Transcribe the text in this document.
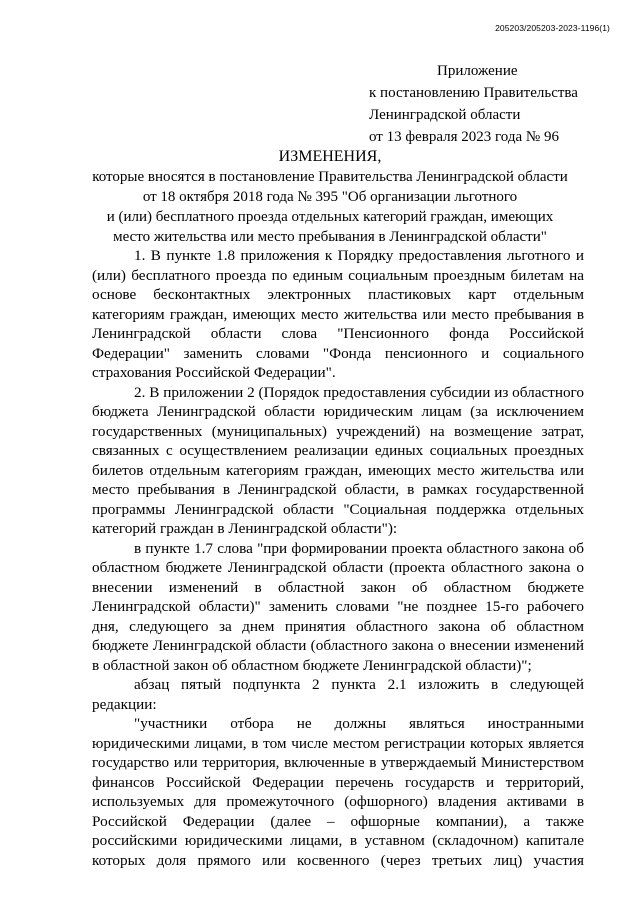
205203/205203-2023-1196(1)
Приложение
к постановлению Правительства
Ленинградской области
от 13 февраля 2023 года № 96
ИЗМЕНЕНИЯ,
которые вносятся в постановление Правительства Ленинградской области
от 18 октября 2018 года № 395 "Об организации льготного
и (или) бесплатного проезда отдельных категорий граждан, имеющих
место жительства или место пребывания в Ленинградской области"

1. В пункте 1.8 приложения к Порядку предоставления льготного и (или) бесплатного проезда по единым социальным проездным билетам на основе бесконтактных электронных пластиковых карт отдельным категориям граждан, имеющих место жительства или место пребывания в Ленинградской области слова "Пенсионного фонда Российской Федерации" заменить словами "Фонда пенсионного и социального страхования Российской Федерации".

2. В приложении 2 (Порядок предоставления субсидии из областного бюджета Ленинградской области юридическим лицам (за исключением государственных (муниципальных) учреждений) на возмещение затрат, связанных с осуществлением реализации единых социальных проездных билетов отдельным категориям граждан, имеющих место жительства или место пребывания в Ленинградской области, в рамках государственной программы Ленинградской области "Социальная поддержка отдельных категорий граждан в Ленинградской области"):

в пункте 1.7 слова "при формировании проекта областного закона об областном бюджете Ленинградской области (проекта областного закона о внесении изменений в областной закон об областном бюджете Ленинградской области)" заменить словами "не позднее 15-го рабочего дня, следующего за днем принятия областного закона об областном бюджете Ленинградской области (областного закона о внесении изменений в областной закон об областном бюджете Ленинградской области)";

абзац пятый подпункта 2 пункта 2.1 изложить в следующей редакции:

"участники отбора не должны являться иностранными юридическими лицами, в том числе местом регистрации которых является государство или территория, включенные в утверждаемый Министерством финансов Российской Федерации перечень государств и территорий, используемых для промежуточного (офшорного) владения активами в Российской Федерации (далее – офшорные компании), а также российскими юридическими лицами, в уставном (складочном) капитале которых доля прямого или косвенного (через третьих лиц) участия
